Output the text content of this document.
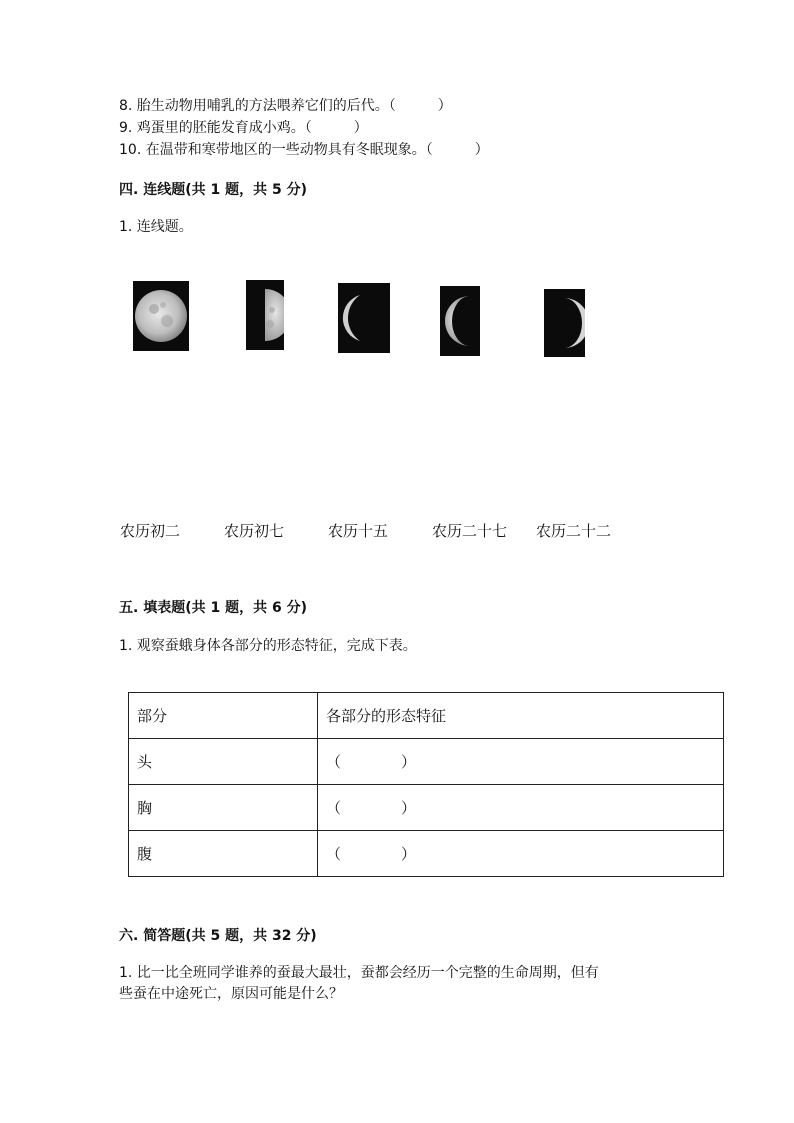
8. 胎生动物用哺乳的方法喂养它们的后代。（　　　）
9. 鸡蛋里的胚能发育成小鸡。（　　　）
10. 在温带和寒带地区的一些动物具有冬眠现象。（　　　）
四. 连线题(共 1 题，共 5 分)
1. 连线题。
农历初二	农历初七	农历十五	农历二十七 农历二十二
五. 填表题(共 1 题，共 6 分)
1. 观察蚕蛾身体各部分的形态特征，完成下表。
部分	各部分的形态特征
头	（　　　　）
胸	（　　　　）
腹	（　　　　）
六. 简答题(共 5 题，共 32 分)
1. 比一比全班同学谁养的蚕最大最壮，蚕都会经历一个完整的生命周期，但有
些蚕在中途死亡，原因可能是什么？
